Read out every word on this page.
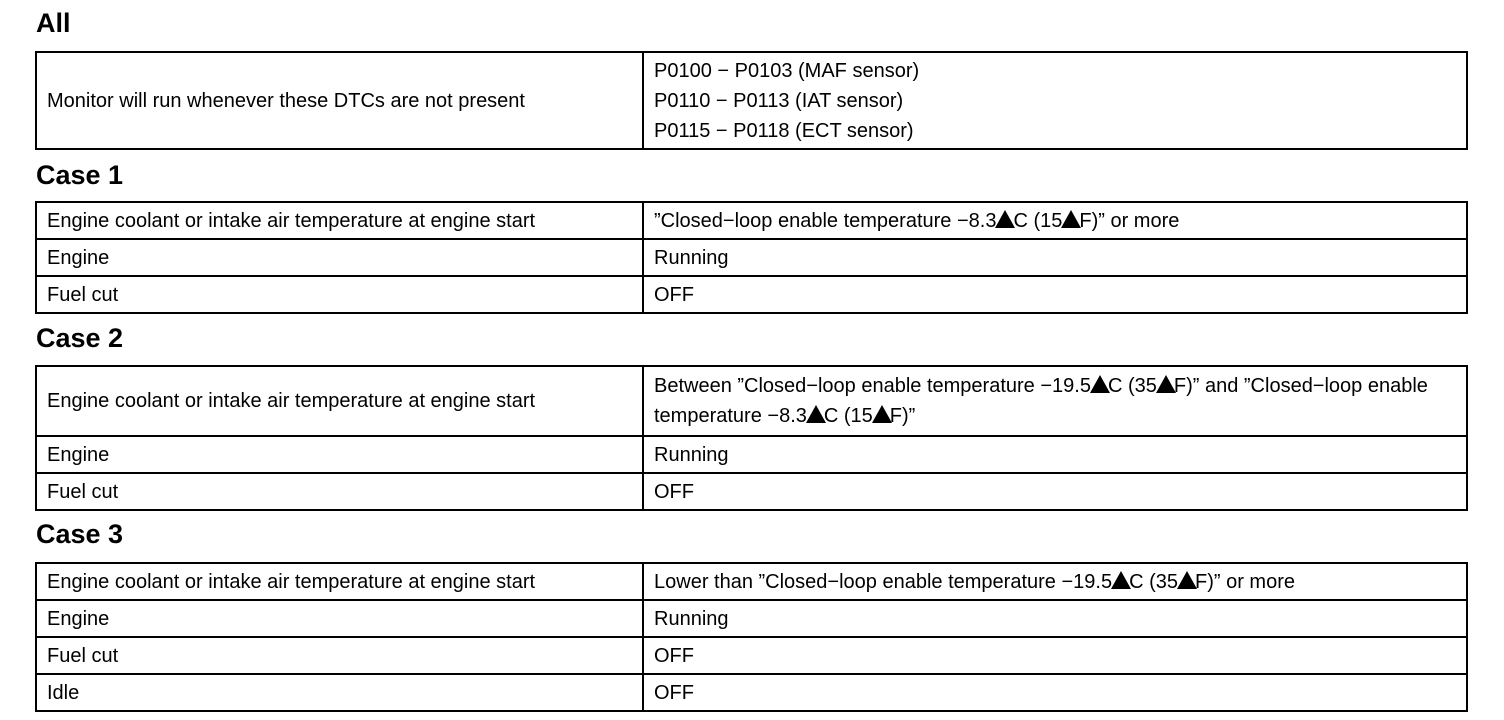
All
Monitor will run whenever these DTCs are not present	
P0100 − P0103 (MAF sensor)
P0110 − P0113 (IAT sensor)
P0115 − P0118 (ECT sensor)
Case 1
Engine coolant or intake air temperature at engine start	”Closed−loop enable temperature −8.3 C (15 F)” or more
Engine	Running
Fuel cut	OFF
Case 2
Engine coolant or intake air temperature at engine start	Between ”Closed−loop enable temperature −19.5 C (35 F)” and ”Closed−loop enable temperature −8.3 C (15 F)”
Engine	Running
Fuel cut	OFF
Case 3
Engine coolant or intake air temperature at engine start	Lower than ”Closed−loop enable temperature −19.5 C (35 F)” or more
Engine	Running
Fuel cut	OFF
Idle	OFF
